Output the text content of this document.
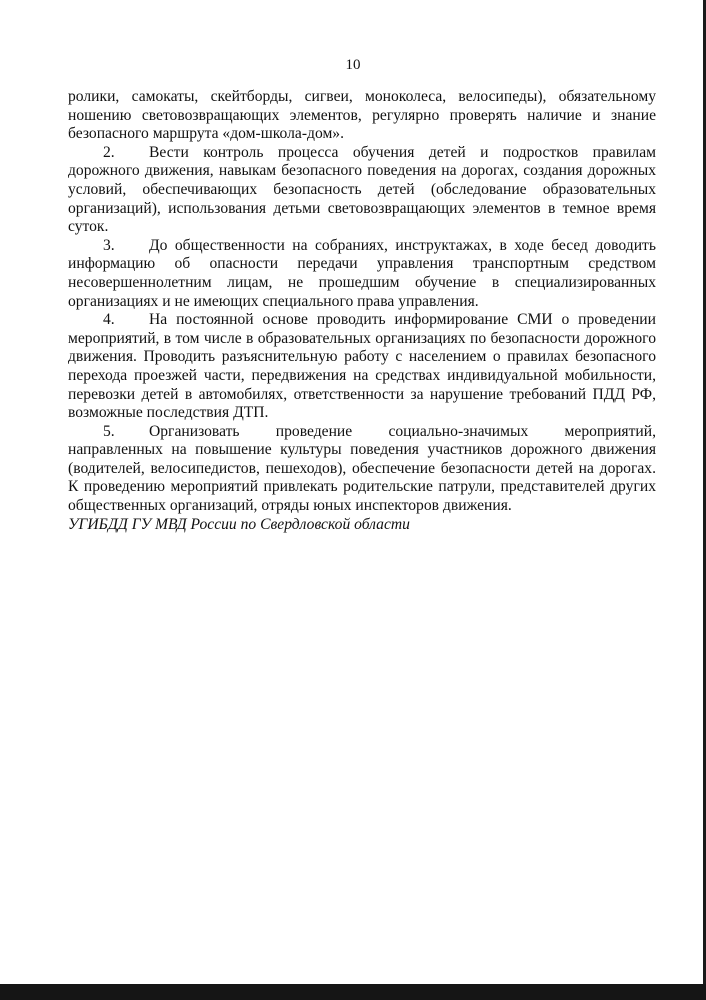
10

ролики, самокаты, скейтборды, сигвеи, моноколеса, велосипеды), обязательному ношению световозвращающих элементов, регулярно проверять наличие и знание безопасного маршрута «дом-школа-дом».

2. Вести контроль процесса обучения детей и подростков правилам дорожного движения, навыкам безопасного поведения на дорогах, создания дорожных условий, обеспечивающих безопасность детей (обследование образовательных организаций), использования детьми световозвращающих элементов в темное время суток.

3. До общественности на собраниях, инструктажах, в ходе бесед доводить информацию об опасности передачи управления транспортным средством несовершеннолетним лицам, не прошедшим обучение в специализированных организациях и не имеющих специального права управления.

4. На постоянной основе проводить информирование СМИ о проведении мероприятий, в том числе в образовательных организациях по безопасности дорожного движения. Проводить разъяснительную работу с населением о правилах безопасного перехода проезжей части, передвижения на средствах индивидуальной мобильности, перевозки детей в автомобилях, ответственности за нарушение требований ПДД РФ, возможные последствия ДТП.

5. Организовать проведение социально-значимых мероприятий, направленных на повышение культуры поведения участников дорожного движения (водителей, велосипедистов, пешеходов), обеспечение безопасности детей на дорогах. К проведению мероприятий привлекать родительские патрули, представителей других общественных организаций, отряды юных инспекторов движения.

УГИБДД ГУ МВД России по Свердловской области
